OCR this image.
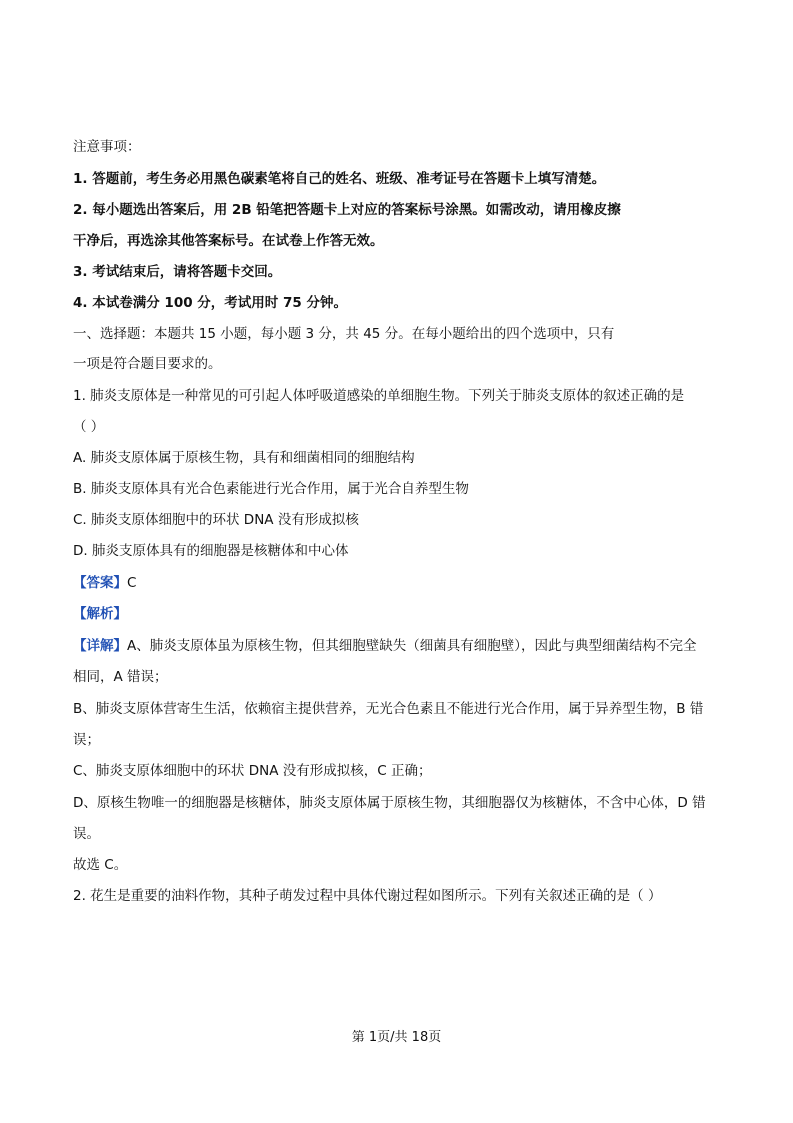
注意事项：
1. 答题前，考生务必用黑色碳素笔将自己的姓名、班级、准考证号在答题卡上填写清楚。
2. 每小题选出答案后，用 2B 铅笔把答题卡上对应的答案标号涂黑。如需改动，请用橡皮擦
干净后，再选涂其他答案标号。在试卷上作答无效。
3. 考试结束后，请将答题卡交回。
4. 本试卷满分 100 分，考试用时 75 分钟。
一、选择题：本题共 15 小题，每小题 3 分，共 45 分。在每小题给出的四个选项中，只有
一项是符合题目要求的。
1. 肺炎支原体是一种常见的可引起人体呼吸道感染的单细胞生物。下列关于肺炎支原体的叙述正确的是
（ ）
A. 肺炎支原体属于原核生物，具有和细菌相同的细胞结构
B. 肺炎支原体具有光合色素能进行光合作用，属于光合自养型生物
C. 肺炎支原体细胞中的环状 DNA 没有形成拟核
D. 肺炎支原体具有的细胞器是核糖体和中心体
【答案】C
【解析】
【详解】A、肺炎支原体虽为原核生物，但其细胞壁缺失（细菌具有细胞壁），因此与典型细菌结构不完全
相同，A 错误；
B、肺炎支原体营寄生生活，依赖宿主提供营养，无光合色素且不能进行光合作用，属于异养型生物，B 错
误；
C、肺炎支原体细胞中的环状 DNA 没有形成拟核，C 正确；
D、原核生物唯一的细胞器是核糖体，肺炎支原体属于原核生物，其细胞器仅为核糖体，不含中心体，D 错
误。
故选 C。
2. 花生是重要的油料作物，其种子萌发过程中具体代谢过程如图所示。下列有关叙述正确的是（ ）
第 1页/共 18页
